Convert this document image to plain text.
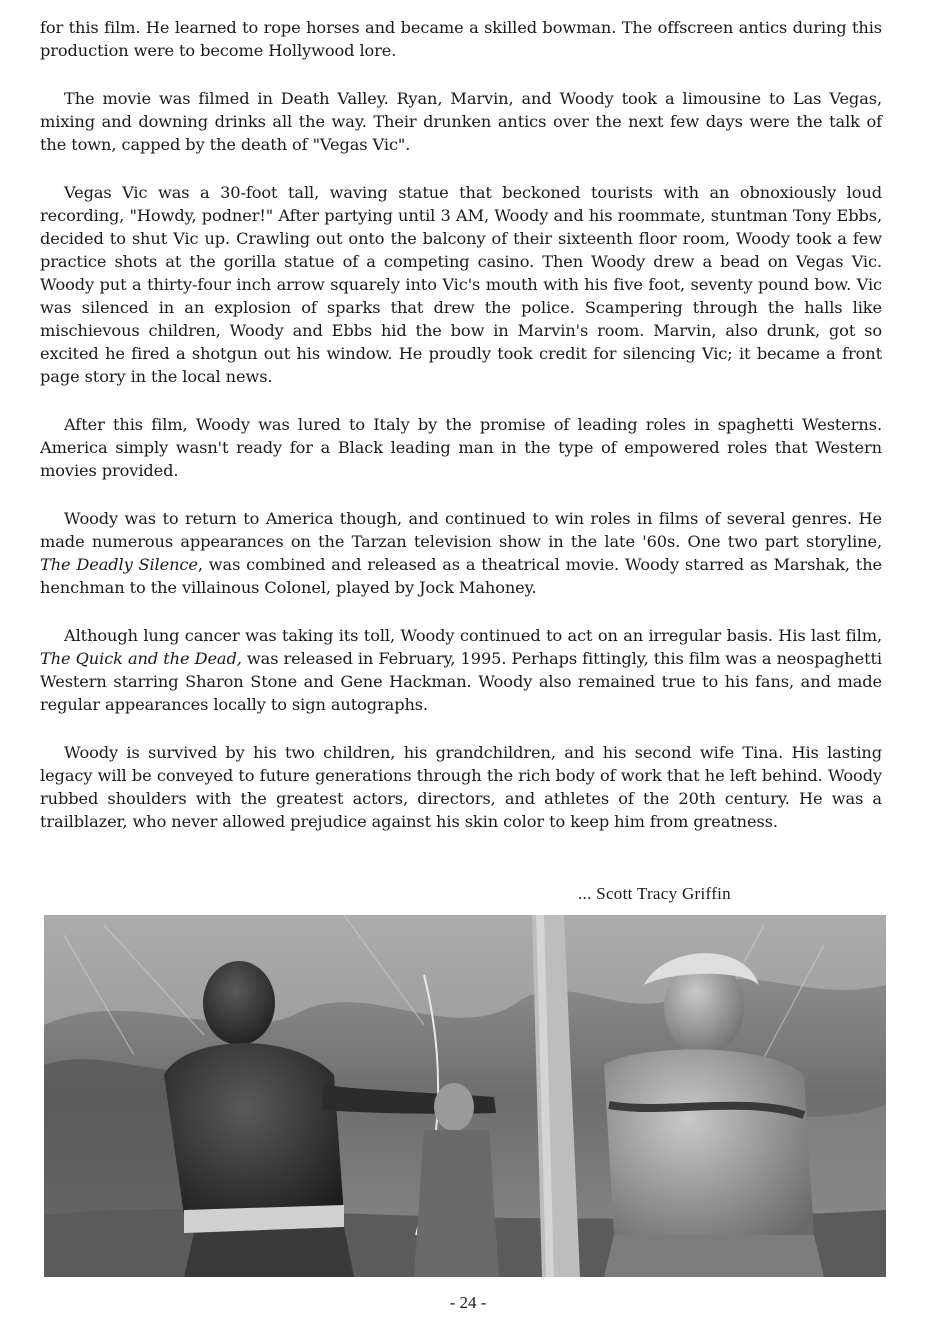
for this film. He learned to rope horses and became a skilled bowman. The offscreen antics during this production were to become Hollywood lore.

The movie was filmed in Death Valley. Ryan, Marvin, and Woody took a limousine to Las Vegas, mixing and downing drinks all the way. Their drunken antics over the next few days were the talk of the town, capped by the death of "Vegas Vic".

Vegas Vic was a 30-foot tall, waving statue that beckoned tourists with an obnoxiously loud recording, "Howdy, podner!" After partying until 3 AM, Woody and his roommate, stuntman Tony Ebbs, decided to shut Vic up. Crawling out onto the balcony of their sixteenth floor room, Woody took a few practice shots at the gorilla statue of a competing casino. Then Woody drew a bead on Vegas Vic. Woody put a thirty-four inch arrow squarely into Vic's mouth with his five foot, seventy pound bow. Vic was silenced in an explosion of sparks that drew the police. Scampering through the halls like mischievous children, Woody and Ebbs hid the bow in Marvin's room. Marvin, also drunk, got so excited he fired a shotgun out his window. He proudly took credit for silencing Vic; it became a front page story in the local news.

After this film, Woody was lured to Italy by the promise of leading roles in spaghetti Westerns. America simply wasn't ready for a Black leading man in the type of empowered roles that Western movies provided.

Woody was to return to America though, and continued to win roles in films of several genres. He made numerous appearances on the Tarzan television show in the late '60s. One two part storyline, The Deadly Silence, was combined and released as a theatrical movie. Woody starred as Marshak, the henchman to the villainous Colonel, played by Jock Mahoney.

Although lung cancer was taking its toll, Woody continued to act on an irregular basis. His last film, The Quick and the Dead, was released in February, 1995. Perhaps fittingly, this film was a neospaghetti Western starring Sharon Stone and Gene Hackman. Woody also remained true to his fans, and made regular appearances locally to sign autographs.

Woody is survived by his two children, his grandchildren, and his second wife Tina. His lasting legacy will be conveyed to future generations through the rich body of work that he left behind. Woody rubbed shoulders with the greatest actors, directors, and athletes of the 20th century. He was a trailblazer, who never allowed prejudice against his skin color to keep him from greatness.

... Scott Tracy Griffin
- 24 -
